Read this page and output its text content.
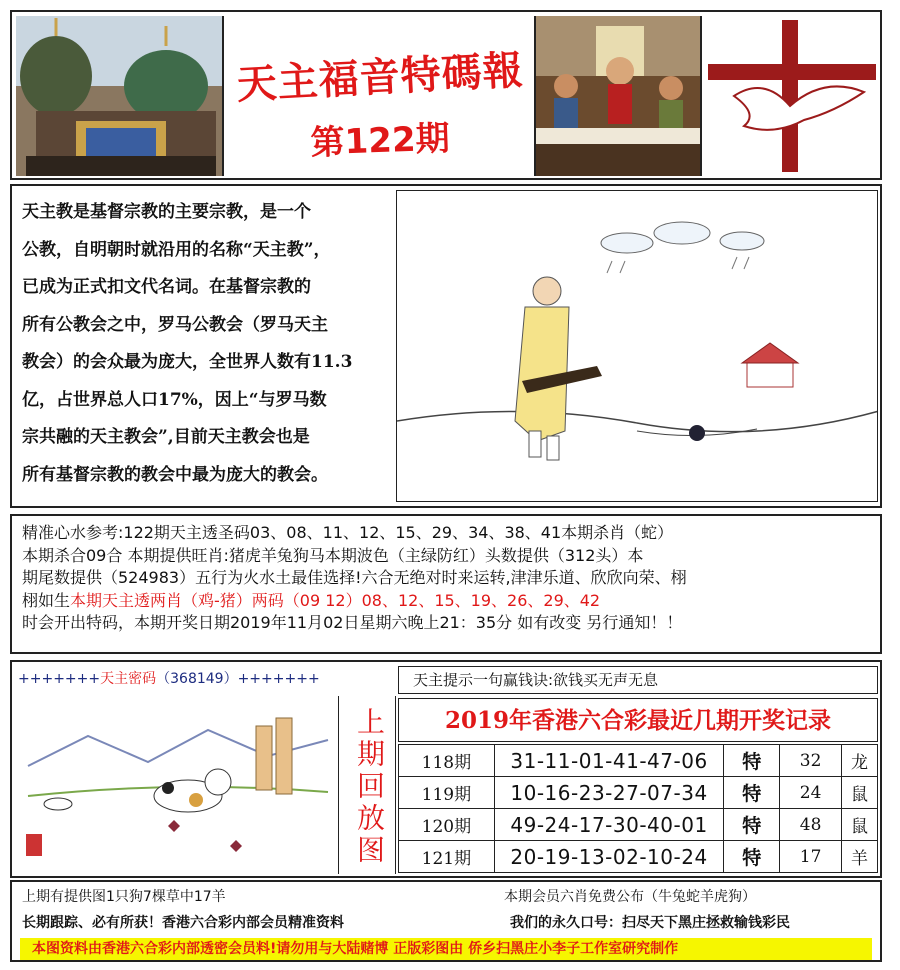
天主福音特碼報
第122期
天主教是基督宗教的主要宗教，是一个
公教，自明朝时就沿用的名称“天主教”，
已成为正式扣文代名词。在基督宗教的
所有公教会之中，罗马公教会（罗马天主
教会）的会众最为庞大，全世界人数有11.3
亿，占世界总人口17%，因上“与罗马数
宗共融的天主教会”,目前天主教会也是
所有基督宗教的教会中最为庞大的教会。
精准心水参考:122期天主透圣码03、08、11、12、15、29、34、38、41本期杀肖（蛇）
本期杀合09合 本期提供旺肖:猪虎羊兔狗马本期波色（主绿防红）头数提供（312头）本
期尾数提供（524983）五行为火水土最佳选择!六合无绝对时来运转,津津乐道、欣欣向荣、栩
栩如生本期天主透两肖（鸡-猪）两码（09 12）08、12、15、19、26、29、42
时会开出特码，本期开奖日期2019年11月02日星期六晚上21：35分 如有改变 另行通知！！
+++++++天主密码（368149）+++++++	天主提示一句赢钱诀:欲钱买无声无息
上期回放图	2019年香港六合彩最近几期开奖记录
118期	31-11-01-41-47-06	特	32	龙
119期	10-16-23-27-07-34	特	24	鼠
120期	49-24-17-30-40-01	特	48	鼠
121期	20-19-13-02-10-24	特	17	羊
上期有提供图1只狗7棵草中17羊	本期会员六肖免费公布（牛兔蛇羊虎狗）
长期跟踪、必有所获！香港六合彩内部会员精准资料	我们的永久口号：扫尽天下黑庄拯救输钱彩民
本图资料由香港六合彩内部透密会员料!请勿用与大陆赌博 正版彩图由 侨乡扫黑庄小李子工作室研究制作
